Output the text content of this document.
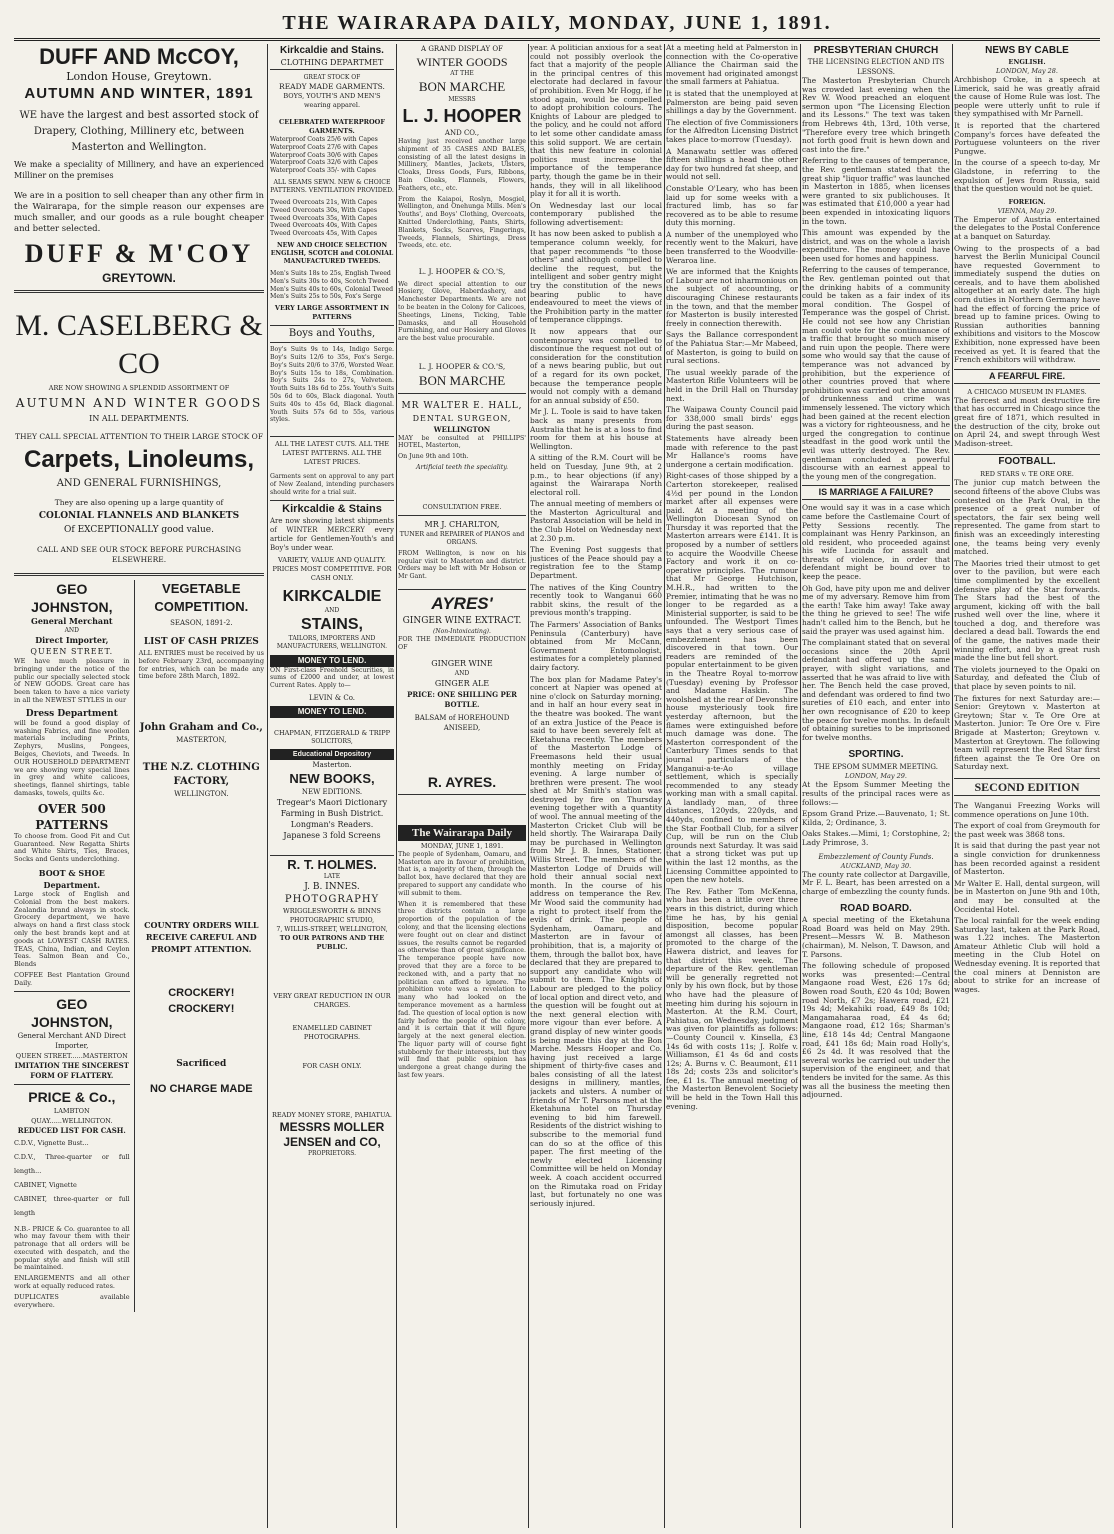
THE WAIRARAPA DAILY, MONDAY, JUNE 1, 1891.
DUFF AND McCOY,
London House, Greytown.
AUTUMN AND WINTER, 1891

WE have the largest and best assorted stock of Drapery, Clothing, Millinery etc, between Masterton and Wellington.

We make a speciality of Millinery, and have an experienced Milliner on the premises

We are in a position to sell cheaper than any other firm in the Wairarapa, for the simple reason our expenses are much smaller, and our goods as a rule bought cheaper and better selected.

DUFF & M'COY
GREYTOWN.
M. CASELBERG & CO
ARE NOW SHOWING A SPLENDID ASSORTMENT OF
AUTUMN AND WINTER GOODS
IN ALL DEPARTMENTS.
THEY CALL SPECIAL ATTENTION TO THEIR LARGE STOCK OF
Carpets, Linoleums,
AND GENERAL FURNISHINGS,
They are also opening up a large quantity of
COLONIAL FLANNELS AND BLANKETS
Of EXCEPTIONALLY good value.
CALL AND SEE OUR STOCK BEFORE PURCHASING ELSEWHERE.
GEO JOHNSTON,
General Merchant
AND
Direct Importer,
QUEEN STREET.

WE have much pleasure in bringing under the notice of the public our specially selected stock of NEW GOODS. Great care has been taken to have a nice variety in all the NEWEST STYLES in our

Dress Department

will be found a good display of washing Fabrics, and fine woollen materials including Prints, Zephyrs, Muslins, Pongees, Beiges, Cheviots, and Tweeds. In OUR HOUSEHOLD DEPARTMENT we are showing very special lines in grey and white calicoes, sheetings, flannel shirtings, table damasks, towels, quilts &c.

OVER 500 PATTERNS

To choose from. Good Fit and Cut Guaranteed. New Regatta Shirts and White Shirts, Ties, Braces, Socks and Gents underclothing.

BOOT & SHOE Department.

Large stock of English and Colonial from the best makers. Zealandia brand always in stock. Grocery department, we have always on hand a first class stock only the best brands kept and at goods at LOWEST CASH RATES. TEAS, China, Indian, and Ceylon Teas. Salmon Bean and Co., Blends

COFFEE Best Plantation Ground Daily.

GEO JOHNSTON,
General Merchant AND Direct Importer,
QUEEN STREET......MASTERTON
IMITATION THE SINCEREST FORM OF FLATTERY.
PRICE & Co.,
LAMBTON QUAY......WELLINGTON.
REDUCED LIST FOR CASH.
C.D.V., Vignette Bust...
C.D.V., Three-quarter or full length...
CABINET, Vignette
CABINET, three-quarter or full length

N.B.- PRICE & Co. guarantee to all who may favour them with their patronage that all orders will be executed with despatch, and the popular style and finish will still be maintained.

ENLARGEMENTS and all other work at equally reduced rates.

DUPLICATES available everywhere.

VEGETABLE
COMPETITION.
SEASON, 1891-2.
LIST OF CASH PRIZES

ALL ENTRIES must be received by us before February 23rd, accompanying for entries, which can be made any time before 28th March, 1892.

John Graham and Co.,
MASTERTON,
THE N.Z. CLOTHING FACTORY,
WELLINGTON.
COUNTRY ORDERS WILL RECEIVE CAREFUL AND PROMPT ATTENTION.
CROCKERY!
CROCKERY!
Sacrificed
NO CHARGE MADE
Kirkcaldie and Stains.
CLOTHING DEPARTMET
GREAT STOCK OF
READY MADE GARMENTS.
BOYS, YOUTH'S AND MEN'S wearing apparel.
CELEBRATED WATERPROOF GARMENTS.
Waterproof Coats 25/6 with Capes
Waterproof Coats 27/6 with Capes
Waterproof Coats 30/6 with Capes
Waterproof Coats 32/6 with Capes
Waterproof Coats 35/- with Capes
ALL SEAMS SEWN. NEW & CHOICE PATTERNS. VENTILATION PROVIDED.
Tweed Overcoats 21s, With Capes
Tweed Overcoats 30s, With Capes
Tweed Overcoats 35s, With Capes
Tweed Overcoats 40s, With Capes
Tweed Overcoats 45s, With Capes
NEW AND CHOICE SELECTION ENGLISH, SCOTCH and COLONIAL MANUFACTURED TWEEDS.
Men's Suits 18s to 25s, English Tweed
Men's Suits 30s to 40s, Scotch Tweed
Men's Suits 40s to 60s, Colonial Tweed
Men's Suits 25s to 50s, Fox's Serge
VERY LARGE ASSORTMENT IN PATTERNS
Boys and Youths,
Boy's Suits 9s to 14s, Indigo Serge. Boy's Suits 12/6 to 35s, Fox's Serge. Boy's Suits 20/6 to 37/6, Worsted Wear. Boy's Suits 15s to 18s, Combination. Boy's Suits 24s to 27s, Velveteen. Youth Suits 18s 6d to 25s. Youth's Suits 50s 6d to 60s, Black diagonal. Youth Suits 40s to 45s 6d, Black diagonal. Youth Suits 57s 6d to 55s, various styles.
ALL THE LATEST CUTS. ALL THE LATEST PATTERNS. ALL THE LATEST PRICES.

Garments sent on approval to any part of New Zealand, intending purchasers should write for a trial suit.

Kirkcaldie & Stains

Are now showing latest shipments of WINTER MERCERY every article for Gentlemen-Youth's and Boy's under wear.

VARIETY, VALUE AND QUALITY. PRICES MOST COMPETITIVE. FOR CASH ONLY.
KIRKCALDIE
AND
STAINS,
TAILORS, IMPORTERS AND MANUFACTURERS, WELLINGTON.
MONEY TO LEND.

ON First-class Freehold Securities, in sums of £2000 and under, at lowest Current Rates. Apply to—

LEVIN & Co.
MONEY TO LEND.
CHAPMAN, FITZGERALD & TRIPP
SOLICITORS,
Educational Depository
Masterton.
NEW BOOKS,
NEW EDITIONS.
Tregear's Maori Dictionary
Farming in Bush District.
Longman's Readers.
Japanese 3 fold Screens
R. T. HOLMES.
LATE
J. B. INNES.
PHOTOGRAPHY
WRIGGLESWORTH & BINNS
PHOTOGRAPHIC STUDIO,
7, WILLIS-STREET, WELLINGTON,
TO OUR PATRONS AND THE PUBLIC.
VERY GREAT REDUCTION IN OUR CHARGES.
ENAMELLED CABINET PHOTOGRAPHS.
FOR CASH ONLY.
READY MONEY STORE, PAHIATUA.
MESSRS MOLLER JENSEN and CO,
PROPRIETORS.
A GRAND DISPLAY OF
WINTER GOODS
AT THE
BON MARCHE
MESSRS
L. J. HOOPER
AND CO.,

Having just received another large shipment of 35 CASES AND BALES, consisting of all the latest designs in Millinery, Mantles, Jackets, Ulsters, Cloaks, Dress Goods, Furs, Ribbons, Bain Cloaks, Flannels, Flowers, Feathers, etc., etc.

From the Kaiapoi, Roslyn, Mosgiel, Wellington, and Onehunga Mills. Men's Youths', and Boys' Clothing, Overcoats, Knitted Underclothing, Pants, Shirts, Blankets, Socks, Scarves, Fingerings, Tweeds, Flannels, Shirtings, Dress Tweeds, etc. etc.
L. J. HOOPER & CO.'S,
We direct special attention to our Hosiery, Glove, Haberdashery, and Manchester Departments. We are not to be beaten in the Colony for Calicoes, Sheetings, Linens, Ticking, Table Damasks, and all Household Furnishing, and our Hosiery and Gloves are the best value procurable.
L. J. HOOPER & CO.'S,
BON MARCHE
MR WALTER E. HALL,
DENTAL SURGEON,
WELLINGTON

MAY be consulted at PHILLIPS' HOTEL, Masterton,

On June 9th and 10th.

Artificial teeth the speciality.

CONSULTATION FREE.
MR J. CHARLTON,
TUNER and REPAIRER of PIANOS and ORGANS.
FROM Wellington, is now on his regular visit to Masterton and district. Orders may be left with Mr Hobson or Mr Gant.
AYRES'
GINGER WINE EXTRACT.
(Non-Intoxicating).
FOR THE IMMEDIATE PRODUCTION OF
GINGER WINE
AND
GINGER ALE
PRICE: ONE SHILLING PER BOTTLE.
BALSAM of HOREHOUND ANISEED,
R. AYRES.
The Wairarapa Daily
MONDAY, JUNE 1, 1891.

The people of Sydenham, Oamaru, and Masterton are in favour of prohibition, that is, a majority of them, through the ballot box, have declared that they are prepared to support any candidate who will submit to them.

When it is remembered that these three districts contain a large proportion of the population of the colony, and that the licensing elections were fought out on clear and distinct issues, the results cannot be regarded as otherwise than of great significance. The temperance people have now proved that they are a force to be reckoned with, and a party that no politician can afford to ignore. The prohibition vote was a revelation to many who had looked on the temperance movement as a harmless fad. The question of local option is now fairly before the people of the colony, and it is certain that it will figure largely at the next general election. The liquor party will of course fight stubbornly for their interests, but they will find that public opinion has undergone a great change during the last few years.

year. A politician anxious for a seat could not possibly overlook the fact that a majority of the people in the principal centres of this electorate had declared in favour of prohibition. Even Mr Hogg, if he stood again, would be compelled to adopt prohibition colours. The Knights of Labour are pledged to the policy, and he could not afford to let some other candidate amass this solid support. We are certain that this new feature in colonial politics must increase the importance of the temperance party, though the game be in their hands, they will in all likelihood play it for all it is worth.

On Wednesday last our local contemporary published the following advertisement:

It has now been asked to publish a temperance column weekly, for that paper recommends "to those others" and although compelled to decline the request, but the intelligent and sober gentry might try the constitution of the news bearing public to have endeavoured to meet the views of the Prohibition party in the matter of temperance clippings.

It now appears that our contemporary was compelled to discontinue the request not out of consideration for the constitution of a news bearing public, but out of a regard for its own pocket, because the temperance people would not comply with a demand for an annual subsidy of £50.

Mr J. L. Toole is said to have taken back as many presents from Australia that he is at a loss to find room for them at his house at Wellington.

A sitting of the R.M. Court will be held on Tuesday, June 9th, at 2 p.m., to hear objections (if any) against the Wairarapa North electoral roll.

The annual meeting of members of the Masterton Agricultural and Pastoral Association will be held in the Club Hotel on Wednesday next at 2.30 p.m.

The Evening Post suggests that justices of the Peace should pay a registration fee to the Stamp Department.

The natives of the King Country recently took to Wanganui 660 rabbit skins, the result of the previous month's trapping.

The Farmers' Association of Banks Peninsula (Canterbury) have obtained from Mr McCann, Government Entomologist, estimates for a completely planned dairy factory.

The box plan for Madame Patey's concert at Napier was opened at nine o'clock on Saturday morning, and in half an hour every seat in the theatre was booked. The want of an extra Justice of the Peace is said to have been severely felt at Eketahuna recently. The members of the Masterton Lodge of Freemasons held their usual monthly meeting on Friday evening. A large number of brethren were present. The wool shed at Mr Smith's station was destroyed by fire on Thursday evening together with a quantity of wool. The annual meeting of the Masterton Cricket Club will be held shortly. The Wairarapa Daily may be purchased in Wellington from Mr J. B. Innes, Stationer, Willis Street. The members of the Masterton Lodge of Druids will hold their annual social next month. In the course of his address on temperance the Rev. Mr Wood said the community had a right to protect itself from the evils of drink. The people of Sydenham, Oamaru, and Masterton are in favour of prohibition, that is, a majority of them, through the ballot box, have declared that they are prepared to support any candidate who will submit to them. The Knights of Labour are pledged to the policy of local option and direct veto, and the question will be fought out at the next general election with more vigour than ever before. A grand display of new winter goods is being made this day at the Bon Marche. Messrs Hooper and Co. having just received a large shipment of thirty-five cases and bales consisting of all the latest designs in millinery, mantles, jackets and ulsters. A number of friends of Mr T. Parsons met at the Eketahuna hotel on Thursday evening to bid him farewell. Residents of the district wishing to subscribe to the memorial fund can do so at the office of this paper. The first meeting of the newly elected Licensing Committee will be held on Monday week. A coach accident occurred on the Rimutaka road on Friday last, but fortunately no one was seriously injured.

At a meeting held at Palmerston in connection with the Co-operative Alliance the Chairman said the movement had originated amongst the small farmers at Pahiatua.

It is stated that the unemployed at Palmerston are being paid seven shillings a day by the Government.

The election of five Commissioners for the Alfredton Licensing District takes place to-morrow (Tuesday).

A Manawatu settler was offered fifteen shillings a head the other day for two hundred fat sheep, and would not sell.

Constable O'Leary, who has been laid up for some weeks with a fractured limb, has so far recovered as to be able to resume duty this morning.

A number of the unemployed who recently went to the Makuri, have been transferred to the Woodville-Weraroa line.

We are informed that the Knights of Labour are not inharmonious on the subject of accounting, or discouraging Chinese restaurants in the town, and that the member for Masterton is busily interested freely in connection therewith.

Says the Ballance correspondent of the Pahiatua Star:—Mr Mabeed, of Masterton, is going to build on rural sections.

The usual weekly parade of the Masterton Rifle Volunteers will be held in the Drill Hall on Thursday next.

The Waipawa County Council paid for 338,000 small birds' eggs during the past season.

Statements have already been made with reference to the past Mr Hallance's rooms have undergone a certain modification.

Right-cases of those shipped by a Carterton storekeeper, realised 4½d per pound in the London market after all expenses were paid. At a meeting of the Wellington Diocesan Synod on Thursday it was reported that the Masterton arrears were £141. It is proposed by a number of settlers to acquire the Woodville Cheese Factory and work it on co-operative principles. The rumour that Mr George Hutchison, M.H.R., had written to the Premier, intimating that he was no longer to be regarded as a Ministerial supporter, is said to be unfounded. The Westport Times says that a very serious case of embezzlement has been discovered in that town. Our readers are reminded of the popular entertainment to be given in the Theatre Royal to-morrow (Tuesday) evening by Professor and Madame Haskin. The woolshed at the rear of Devonshire house mysteriously took fire yesterday afternoon, but the flames were extinguished before much damage was done. The Masterton correspondent of the Canterbury Times sends to that journal particulars of the Manganui-a-te-Ao village settlement, which is specially recommended to any steady working man with a small capital. A landlady man, of three distances, 120yds, 220yds, and 440yds, confined to members of the Star Football Club, for a silver Cup, will be run on the Club grounds next Saturday. It was said that a strong ticket was put up within the last 12 months, as the Licensing Committee appointed to open the new hotels.

The Rev. Father Tom McKenna, who has been a little over three years in this district, during which time he has, by his genial disposition, become popular amongst all classes, has been promoted to the charge of the Hawera district, and leaves for that district this week. The departure of the Rev. gentleman will be generally regretted not only by his own flock, but by those who have had the pleasure of meeting him during his sojourn in Masterton. At the R.M. Court, Pahiatua, on Wednesday, judgment was given for plaintiffs as follows:—County Council v. Kinsella, £3 14s 6d with costs 11s; J. Rolfe v. Williamson, £1 4s 6d and costs 12s; A. Burns v. C. Beaumont, £11 18s 2d; costs 23s and solicitor's fee, £1 1s. The annual meeting of the Masterton Benevolent Society will be held in the Town Hall this evening.

PRESBYTERIAN CHURCH
THE LICENSING ELECTION AND ITS LESSONS.

The Masterton Presbyterian Church was crowded last evening when the Rev W. Wood preached an eloquent sermon upon "The Licensing Election and its Lessons." The text was taken from Hebrews 4th, 13rd, 10th verse, "Therefore every tree which bringeth not forth good fruit is hewn down and cast into the fire."

Referring to the causes of temperance, the Rev. gentleman stated that the great ship "liquor traffic" was launched in Masterton in 1885, when licenses were granted to six publichouses. It was estimated that £10,000 a year had been expended in intoxicating liquors in the town.

This amount was expended by the district, and was on the whole a lavish expenditure. The money could have been used for homes and happiness.

Referring to the causes of temperance, the Rev. gentleman pointed out that the drinking habits of a community could be taken as a fair index of its moral condition. The Gospel of Temperance was the gospel of Christ. He could not see how any Christian man could vote for the continuance of a traffic that brought so much misery and ruin upon the people. There were some who would say that the cause of temperance was not advanced by prohibition, but the experience of other countries proved that where prohibition was carried out the amount of drunkenness and crime was immensely lessened. The victory which had been gained at the recent election was a victory for righteousness, and he urged the congregation to continue steadfast in the good work until the evil was utterly destroyed. The Rev. gentleman concluded a powerful discourse with an earnest appeal to the young men of the congregation.

IS MARRIAGE A FAILURE?

One would say it was in a case which came before the Castlemaine Court of Petty Sessions recently. The complainant was Henry Parkinson, an old resident, who proceeded against his wife Lucinda for assault and threats of violence, in order that defendant might be bound over to keep the peace.

Oh God, have pity upon me and deliver me of my adversary. Remove him from the earth! Take him away! Take away the thing he grieved to see! The wife hadn't called him to the Bench, but he said the prayer was used against him.

The complainant stated that on several occasions since the 20th April defendant had offered up the same prayer, with slight variations, and asserted that he was afraid to live with her. The Bench held the case proved, and defendant was ordered to find two sureties of £10 each, and enter into her own recognisance of £20 to keep the peace for twelve months. In default of obtaining sureties to be imprisoned for twelve months.

SPORTING.
THE EPSOM SUMMER MEETING.
LONDON, May 29.

At the Epsom Summer Meeting the results of the principal races were as follows:—

Epsom Grand Prize.—Bauvenato, 1; St. Kilda, 2; Ordinance, 3.

Oaks Stakes.—Mimi, 1; Corstophine, 2; Lady Primrose, 3.

Embezzlement of County Funds.
AUCKLAND, May 30.

The county rate collector at Dargaville, Mr F. L. Beart, has been arrested on a charge of embezzling the county funds.

ROAD BOARD.

A special meeting of the Eketahuna Road Board was held on May 29th. Present—Messrs W. B. Matheson (chairman), M. Nelson, T. Dawson, and T. Parsons.

The following schedule of proposed works was presented:—Central Mangaone road West, £26 17s 6d; Bowen road South, £20 4s 10d; Bowen road North, £7 2s; Hawera road, £21 19s 4d; Mekahiki road, £49 8s 10d; Mangamaharaa road, £4 4s 6d; Mangaone road, £12 16s; Sharman's line, £18 14s 4d; Central Mangaone road, £41 18s 6d; Main road Holly's, £6 2s 4d. It was resolved that the several works be carried out under the supervision of the engineer, and that tenders be invited for the same. As this was all the business the meeting then adjourned.

NEWS BY CABLE
ENGLISH.
LONDON, May 28.

Archbishop Croke, in a speech at Limerick, said he was greatly afraid the cause of Home Rule was lost. The people were utterly unfit to rule if they sympathised with Mr Parnell.

It is reported that the chartered Company's forces have defeated the Portuguese volunteers on the river Pungwe.

In the course of a speech to-day, Mr Gladstone, in referring to the expulsion of Jews from Russia, said that the question would not be quiet.

FOREIGN.
VIENNA, May 29.

The Emperor of Austria entertained the delegates to the Postal Conference at a banquet on Saturday.

Owing to the prospects of a bad harvest the Berlin Municipal Council have requested Government to immediately suspend the duties on cereals, and to have them abolished altogether at an early date. The high corn duties in Northern Germany have had the effect of forcing the price of bread up to famine prices. Owing to Russian authorities banning exhibitions and visitors to the Moscow Exhibition, none expressed have been received as yet. It is feared that the French exhibitors will withdraw.

A FEARFUL FIRE.
A CHICAGO MUSEUM IN FLAMES.

The fiercest and most destructive fire that has occurred in Chicago since the great fire of 1871, which resulted in the destruction of the city, broke out on April 24, and swept through West Madison-street.

FOOTBALL.
RED STARS v. TE ORE ORE.

The junior cup match between the second fifteens of the above Clubs was contested on the Park Oval, in the presence of a great number of spectators, the fair sex being well represented. The game from start to finish was an exceedingly interesting one, the teams being very evenly matched.

The Maories tried their utmost to get over to the pavilion, but were each time complimented by the excellent defensive play of the Star forwards. The Stars had the best of the argument, kicking off with the ball rushed well over the line, where it touched a dog, and therefore was declared a dead ball. Towards the end of the game, the natives made their winning effort, and by a great rush made the line but fell short.

The violets journeyed to the Opaki on Saturday, and defeated the Club of that place by seven points to nil.

The fixtures for next Saturday are:—Senior: Greytown v. Masterton at Greytown; Star v. Te Ore Ore at Masterton. Junior: Te Ore Ore v. Fire Brigade at Masterton; Greytown v. Masterton at Greytown. The following team will represent the Red Star first fifteen against the Te Ore Ore on Saturday next.

SECOND EDITION

The Wanganui Freezing Works will commence operations on June 10th.

The export of coal from Greymouth for the past week was 3868 tons.

It is said that during the past year not a single conviction for drunkenness has been recorded against a resident of Masterton.

Mr Walter E. Hall, dental surgeon, will be in Masterton on June 9th and 10th, and may be consulted at the Occidental Hotel.

The local rainfall for the week ending Saturday last, taken at the Park Road, was 1.22 inches. The Masterton Amateur Athletic Club will hold a meeting in the Club Hotel on Wednesday evening. It is reported that the coal miners at Denniston are about to strike for an increase of wages.
